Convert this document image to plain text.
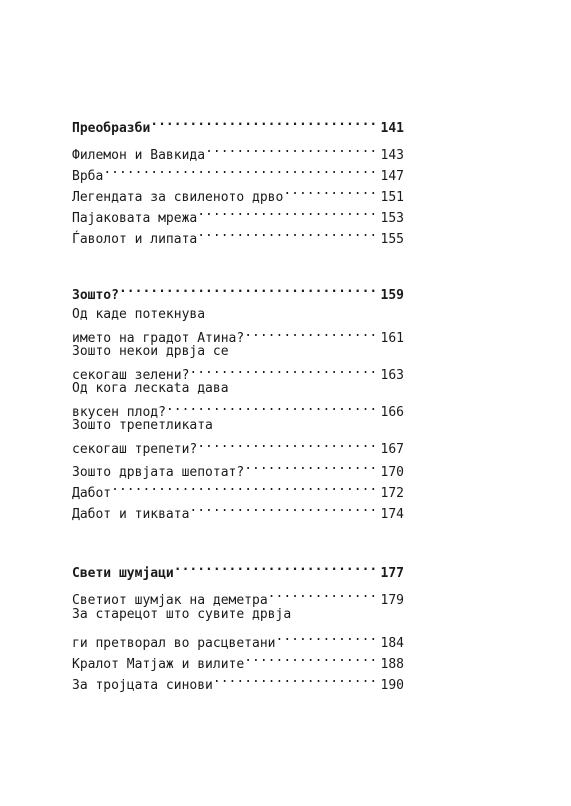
Преобразби .....	141
Филемон и Вавкида .....	143
Врба .....	147
Легендата за свиленото дрво .....	151
Пајаковата мрежа .....	153
Ѓаволот и липата .....	155
Зошто? .....	159
Од каде потекнува
името на градот Атина? .....	161
Зошто некои дрвја се
секогаш зелени? .....	163
Од кога лескata дава
вкусен плод? .....	166
Зошто трепетликата
секогаш трепети? .....	167
Зошто дрвјата шепотат? .....	170
Дабот .....	172
Дабот и тиквата .....	174
Свети шумјаци .....	177
Светиот шумјак на деметра .....	179
За старецот што сувите дрвја
ги претворал во расцветани .....	184
Кралот Матјаж и вилите .....	188
За тројцата синови .....	190
